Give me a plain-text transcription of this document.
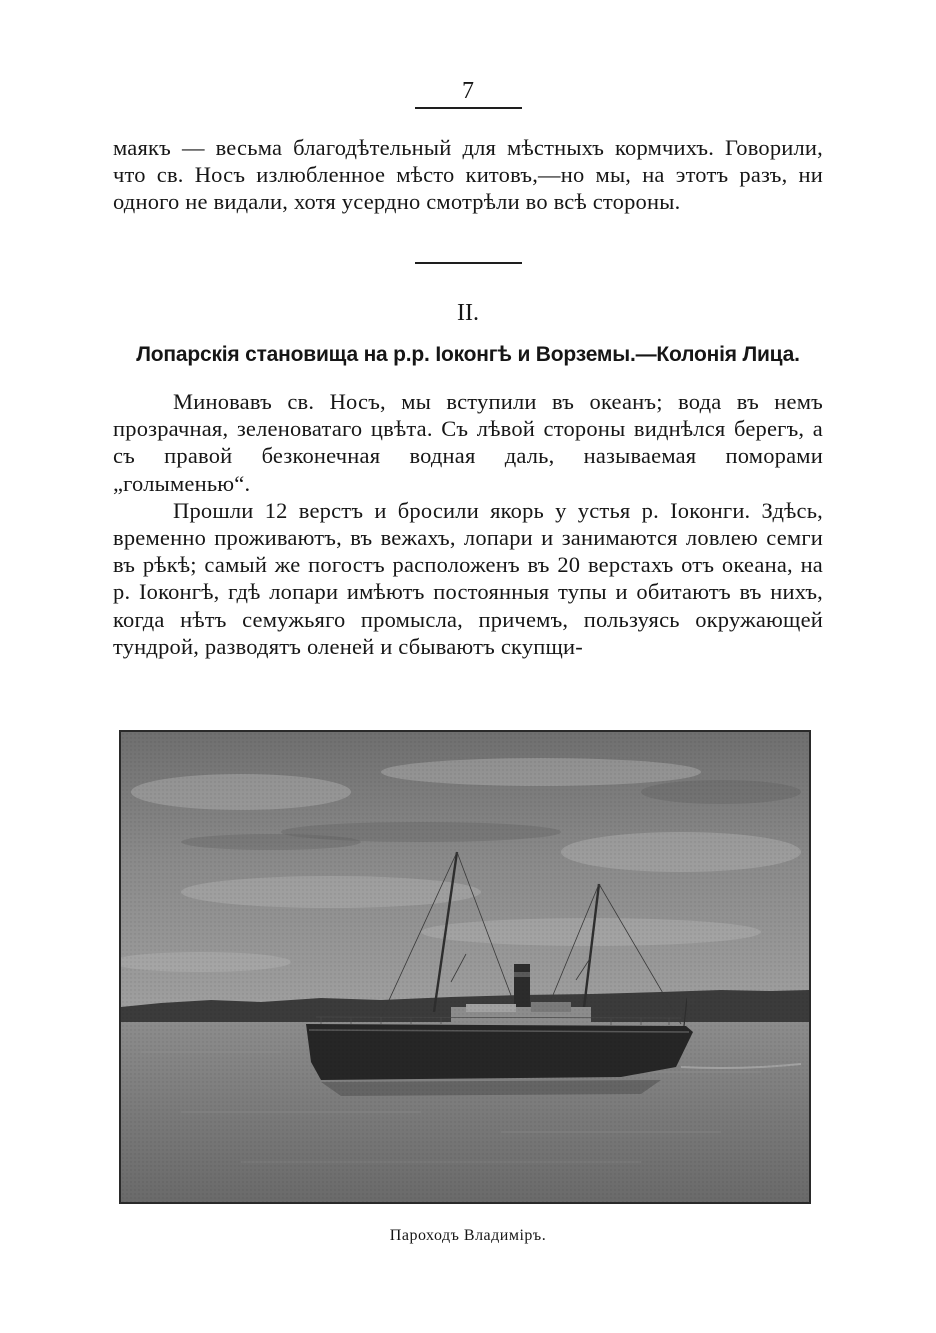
7

маякъ — весьма благодѣтельный для мѣстныхъ кормчихъ. Говорили, что св. Носъ излюбленное мѣсто китовъ,—но мы, на этотъ разъ, ни одного не видали, хотя усердно смотрѣли во всѣ стороны.

II.
Лопарскія становища на р.р. Iоконгѣ и Ворземы.—Колонія Лица.

Миновавъ св. Носъ, мы вступили въ океанъ; вода въ немъ прозрачная, зеленоватаго цвѣта. Съ лѣвой стороны виднѣлся берегъ, а съ правой безконечная водная даль, называемая поморами „голыменью“.

Прошли 12 верстъ и бросили якорь у устья р. Iоконги. Здѣсь, временно проживаютъ, въ вежахъ, лопари и занимаются ловлею семги въ рѣкѣ; самый же погостъ расположенъ въ 20 верстахъ отъ океана, на р. Iоконгѣ, гдѣ лопари имѣютъ постоянныя тупы и обитаютъ въ нихъ, когда нѣтъ семужьяго промысла, причемъ, пользуясь окружающей тундрой, разводятъ оленей и сбываютъ скупщи-

Пароходъ Владиміръ.
